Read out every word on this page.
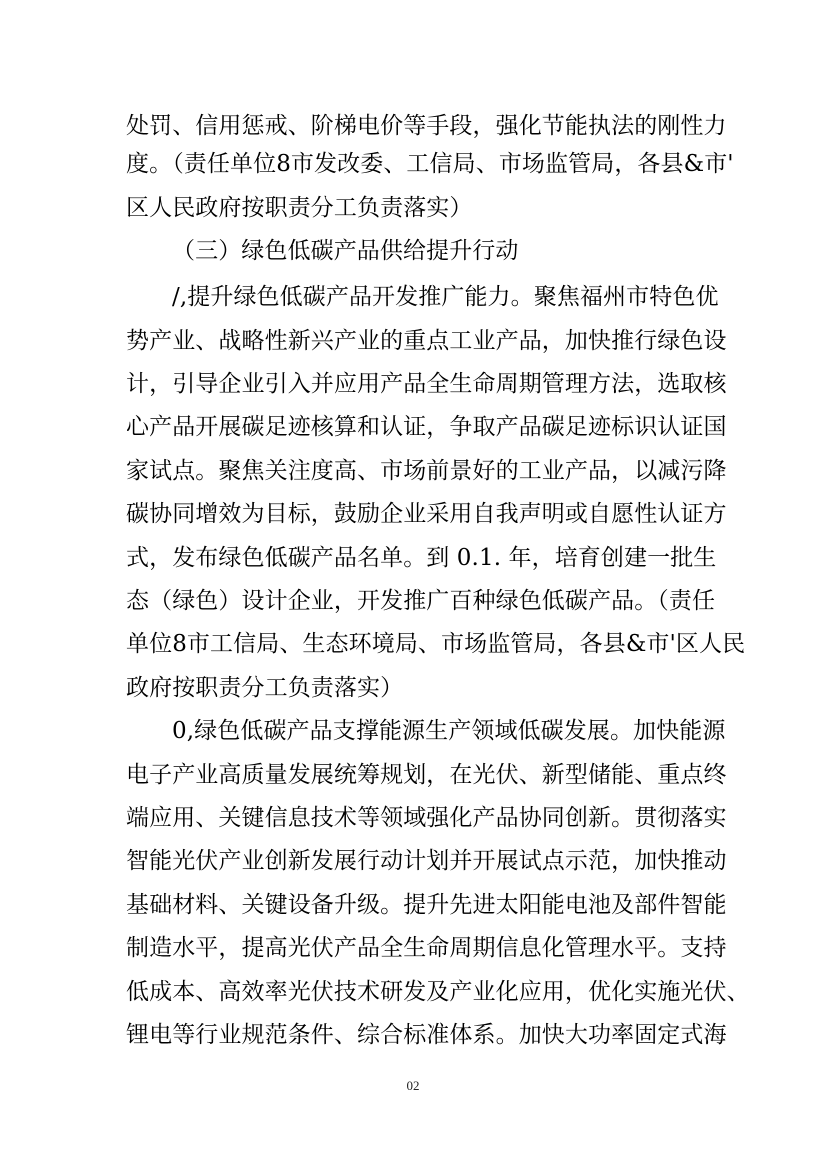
处罚、信用惩戒、阶梯电价等手段，强化节能执法的刚性力
度。（责任单位8市发改委、工信局、市场监管局，各县&市'
区人民政府按职责分工负责落实）
（三）绿色低碳产品供给提升行动
/,提升绿色低碳产品开发推广能力。聚焦福州市特色优
势产业、战略性新兴产业的重点工业产品，加快推行绿色设
计，引导企业引入并应用产品全生命周期管理方法，选取核
心产品开展碳足迹核算和认证，争取产品碳足迹标识认证国
家试点。聚焦关注度高、市场前景好的工业产品，以减污降
碳协同增效为目标，鼓励企业采用自我声明或自愿性认证方
式，发布绿色低碳产品名单。到 0.1. 年，培育创建一批生
态（绿色）设计企业，开发推广百种绿色低碳产品。（责任
单位8市工信局、生态环境局、市场监管局，各县&市'区人民
政府按职责分工负责落实）
0,绿色低碳产品支撑能源生产领域低碳发展。加快能源
电子产业高质量发展统筹规划，在光伏、新型储能、重点终
端应用、关键信息技术等领域强化产品协同创新。贯彻落实
智能光伏产业创新发展行动计划并开展试点示范，加快推动
基础材料、关键设备升级。提升先进太阳能电池及部件智能
制造水平，提高光伏产品全生命周期信息化管理水平。支持
低成本、高效率光伏技术研发及产业化应用，优化实施光伏、
锂电等行业规范条件、综合标准体系。加快大功率固定式海
02
